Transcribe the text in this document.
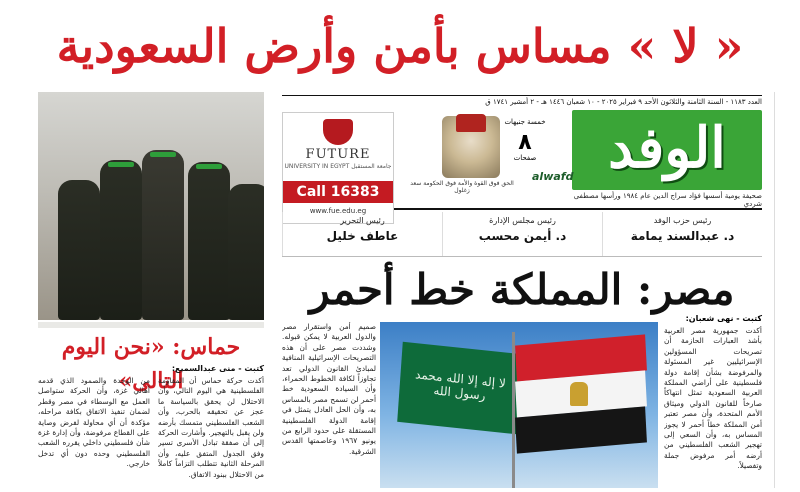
« لا » مساس بأمن وأرض السعودية
العدد ١١٨٣ - السنة الثامنة والثلاثون الأحد ٩ فبراير ٢٠٢٥ - ١٠ شعبان ١٤٤٦ هـ - ٢ أمشير ١٧٤١ ق
الوفد
صحيفة يومية أسسها فؤاد سراج الدين عام ١٩٨٤ ورأسها مصطفى شردي
الحق فوق القوة والأمة فوق الحكومة سعد زغلول
alwafd
خمسة جنيهات
٨
صفحات
FUTURE
UNIVERSITY IN EGYPT جامعة المستقبل
Call 16383
www.fue.edu.eg
رئيس حزب الوفد
د. عبدالسند يمامة
رئيس مجلس الإدارة
د. أيمن محسب
رئيس التحرير
عاطف خليل
مصر: المملكة خط أحمر
لا إله إلا الله محمد رسول الله
كتبت - نهى شعبان:
أكدت جمهورية مصر العربية بأشد العبارات الحازمة أن تصريحات المسؤولين الإسرائيليين غير المسئولة والمرفوضة بشأن إقامة دولة فلسطينية على أراضي المملكة العربية السعودية تمثل انتهاكاً صارخاً للقانون الدولي وميثاق الأمم المتحدة، وأن مصر تعتبر أمن المملكة خطاً أحمر لا يجوز المساس به، وأن السعي إلى تهجير الشعب الفلسطيني من أرضه أمر مرفوض جملة وتفصيلاً.
صميم أمن واستقرار مصر والدول العربية لا يمكن قبوله. وشددت مصر على أن هذه التصريحات الإسرائيلية المنافية لمبادئ القانون الدولي تعد تجاوزاً لكافة الخطوط الحمراء، وأن السيادة السعودية خط أحمر لن تسمح مصر بالمساس به، وأن الحل العادل يتمثل في إقامة الدولة الفلسطينية المستقلة على حدود الرابع من يونيو ١٩٦٧ وعاصمتها القدس الشرقية.
حماس: «نحن اليوم التالى»
كتبت - منى عبدالسميع:
أكدت حركة حماس أن المقاومة الفلسطينية هي اليوم التالي، وأن الاحتلال لن يحقق بالسياسة ما عجز عن تحقيقه بالحرب، وأن الشعب الفلسطيني متمسك بأرضه ولن يقبل بالتهجير. وأشارت الحركة إلى أن صفقة تبادل الأسرى تسير وفق الجدول المتفق عليه، وأن المرحلة الثانية تتطلب التزاماً كاملاً من الاحتلال ببنود الاتفاق.
من الوحدة والصمود الذي قدمه أهالي غزة، وأن الحركة ستواصل العمل مع الوسطاء في مصر وقطر لضمان تنفيذ الاتفاق بكافة مراحله، مؤكدة أن أي محاولة لفرض وصاية على القطاع مرفوضة، وأن إدارة غزة شأن فلسطيني داخلي يقرره الشعب الفلسطيني وحده دون أي تدخل خارجي.
